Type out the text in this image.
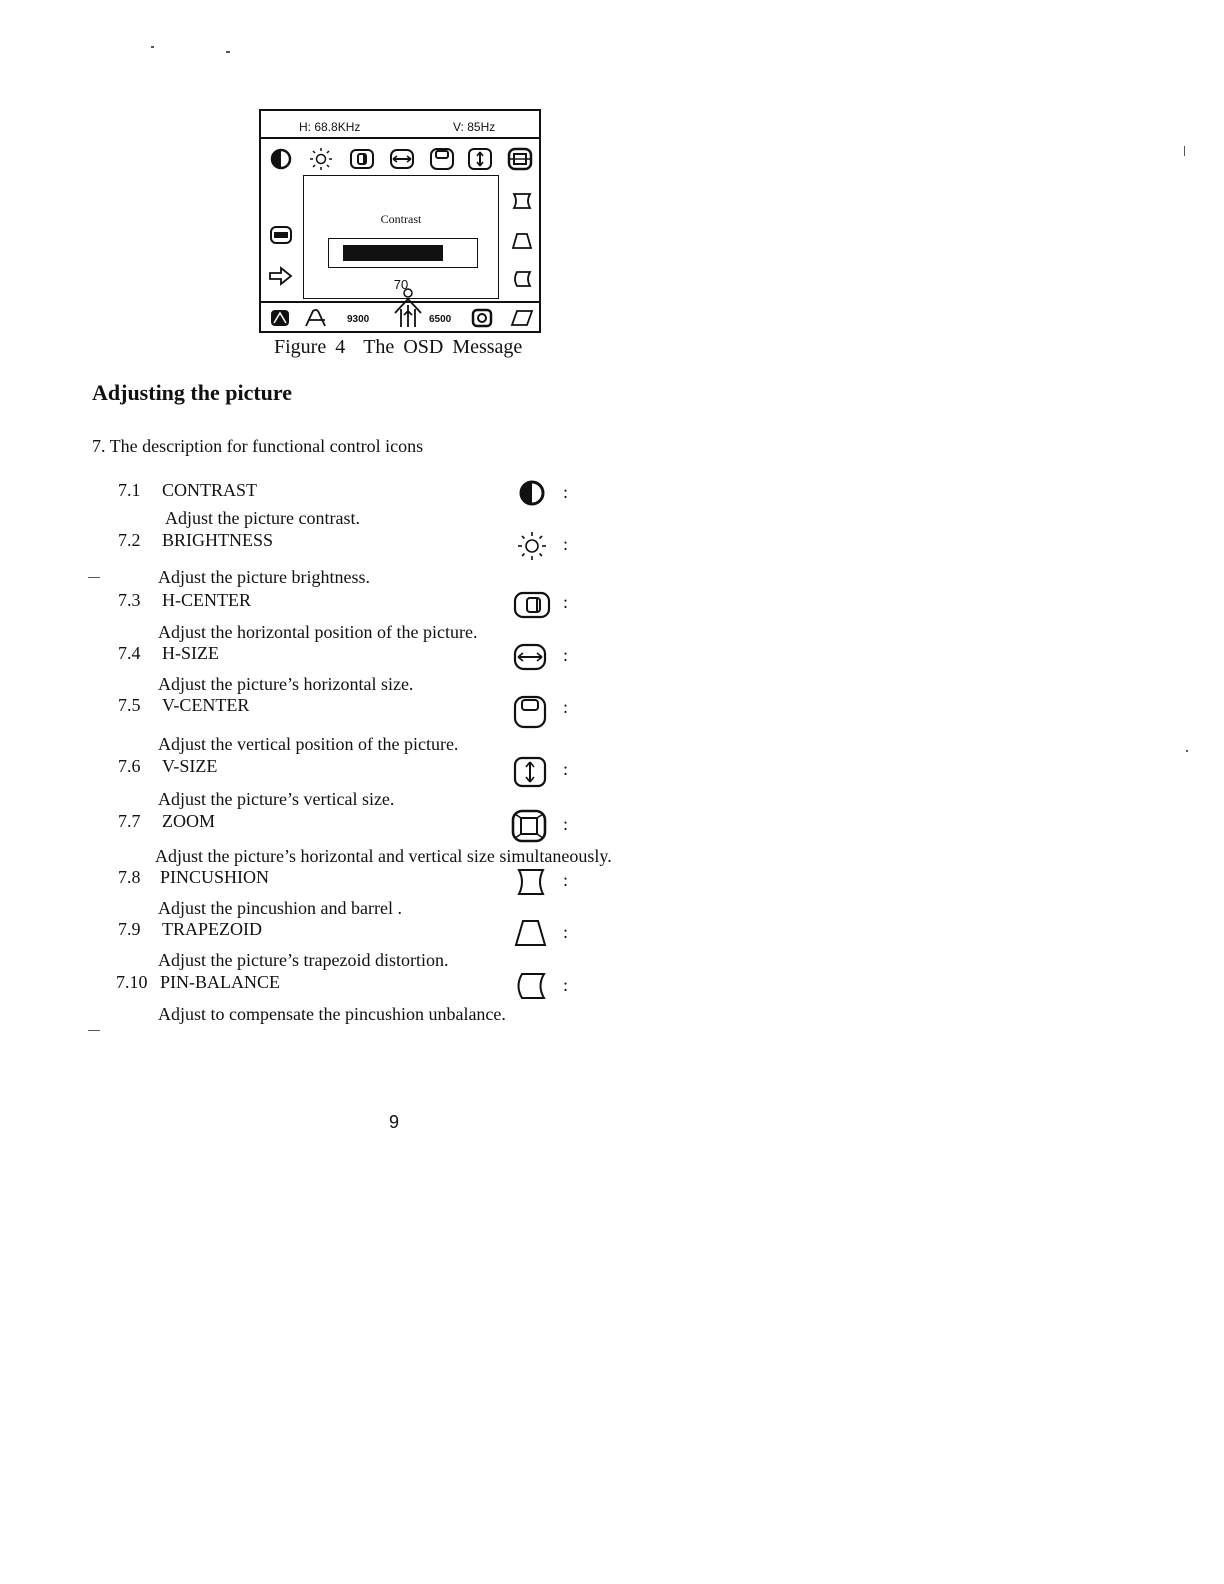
H: 68.8KHz	V: 85Hz
Contrast
70
9300	6500
Figure 4 The OSD Message
Adjusting the picture
7. The description for functional control icons
7.1 CONTRAST
Adjust the picture contrast.
:
7.2 BRIGHTNESS
Adjust the picture brightness.
:
7.3 H-CENTER
Adjust the horizontal position of the picture.
:
7.4 H-SIZE
Adjust the picture’s horizontal size.
:
7.5 V-CENTER
Adjust the vertical position of the picture.
:
7.6 V-SIZE
Adjust the picture’s vertical size.
:
7.7 ZOOM
Adjust the picture’s horizontal and vertical size simultaneously.
:
7.8 PINCUSHION
Adjust the pincushion and barrel .
:
7.9 TRAPEZOID
Adjust the picture’s trapezoid distortion.
:
7.10 PIN-BALANCE
Adjust to compensate the pincushion unbalance.
:
9
